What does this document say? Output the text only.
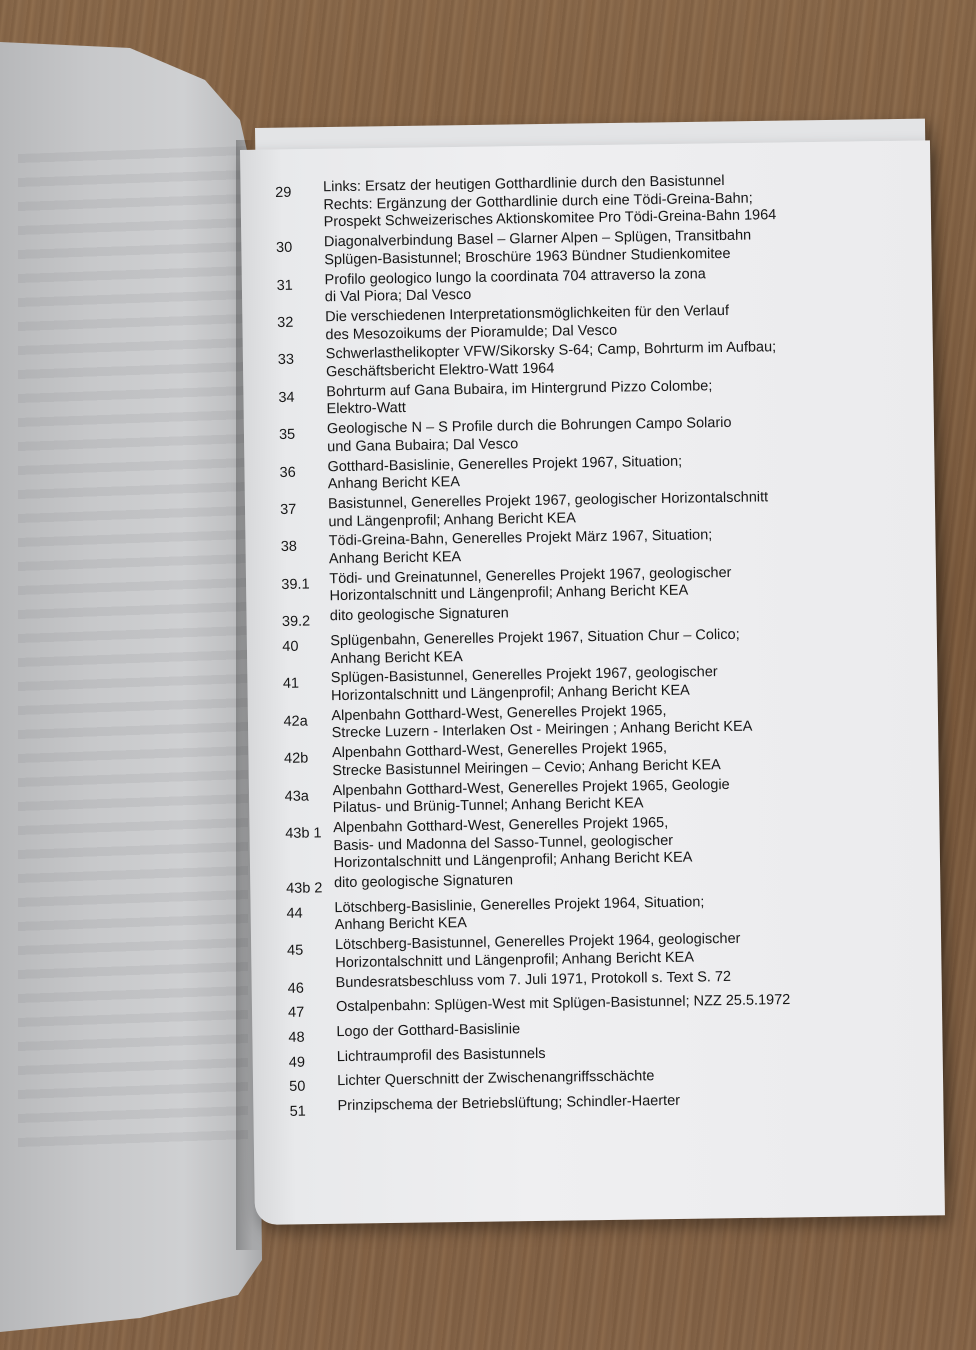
29	Links: Ersatz der heutigen Gotthardlinie durch den Basistunnel
Rechts: Ergänzung der Gotthardlinie durch eine Tödi-Greina-Bahn;
Prospekt Schweizerisches Aktionskomitee Pro Tödi-Greina-Bahn 1964
30	Diagonalverbindung Basel – Glarner Alpen – Splügen, Transitbahn
Splügen-Basistunnel; Broschüre 1963 Bündner Studienkomitee
31	Profilo geologico lungo la coordinata 704 attraverso la zona
di Val Piora; Dal Vesco
32	Die verschiedenen Interpretationsmöglichkeiten für den Verlauf
des Mesozoikums der Pioramulde; Dal Vesco
33	Schwerlasthelikopter VFW/Sikorsky S-64; Camp, Bohrturm im Aufbau;
Geschäftsbericht Elektro-Watt 1964
34	Bohrturm auf Gana Bubaira, im Hintergrund Pizzo Colombe;
Elektro-Watt
35	Geologische N – S Profile durch die Bohrungen Campo Solario
und Gana Bubaira; Dal Vesco
36	Gotthard-Basislinie, Generelles Projekt 1967, Situation;
Anhang Bericht KEA
37	Basistunnel, Generelles Projekt 1967, geologischer Horizontalschnitt
und Längenprofil; Anhang Bericht KEA
38	Tödi-Greina-Bahn, Generelles Projekt März 1967, Situation;
Anhang Bericht KEA
39.1	Tödi- und Greinatunnel, Generelles Projekt 1967, geologischer
Horizontalschnitt und Längenprofil; Anhang Bericht KEA
39.2	dito geologische Signaturen
40	Splügenbahn, Generelles Projekt 1967, Situation Chur – Colico;
Anhang Bericht KEA
41	Splügen-Basistunnel, Generelles Projekt 1967, geologischer
Horizontalschnitt und Längenprofil; Anhang Bericht KEA
42a	Alpenbahn Gotthard-West, Generelles Projekt 1965,
Strecke Luzern - Interlaken Ost - Meiringen ; Anhang Bericht KEA
42b	Alpenbahn Gotthard-West, Generelles Projekt 1965,
Strecke Basistunnel Meiringen – Cevio; Anhang Bericht KEA
43a	Alpenbahn Gotthard-West, Generelles Projekt 1965, Geologie
Pilatus- und Brünig-Tunnel; Anhang Bericht KEA
43b 1 Alpenbahn Gotthard-West, Generelles Projekt 1965,
Basis- und Madonna del Sasso-Tunnel, geologischer
Horizontalschnitt und Längenprofil; Anhang Bericht KEA
43b 2 dito geologische Signaturen
44	Lötschberg-Basislinie, Generelles Projekt 1964, Situation;
Anhang Bericht KEA
45	Lötschberg-Basistunnel, Generelles Projekt 1964, geologischer
Horizontalschnitt und Längenprofil; Anhang Bericht KEA
46	Bundesratsbeschluss vom 7. Juli 1971, Protokoll s. Text S. 72
47	Ostalpenbahn: Splügen-West mit Splügen-Basistunnel; NZZ 25.5.1972
48	Logo der Gotthard-Basislinie
49	Lichtraumprofil des Basistunnels
50	Lichter Querschnitt der Zwischenangriffsschächte
51	Prinzipschema der Betriebslüftung; Schindler-Haerter
